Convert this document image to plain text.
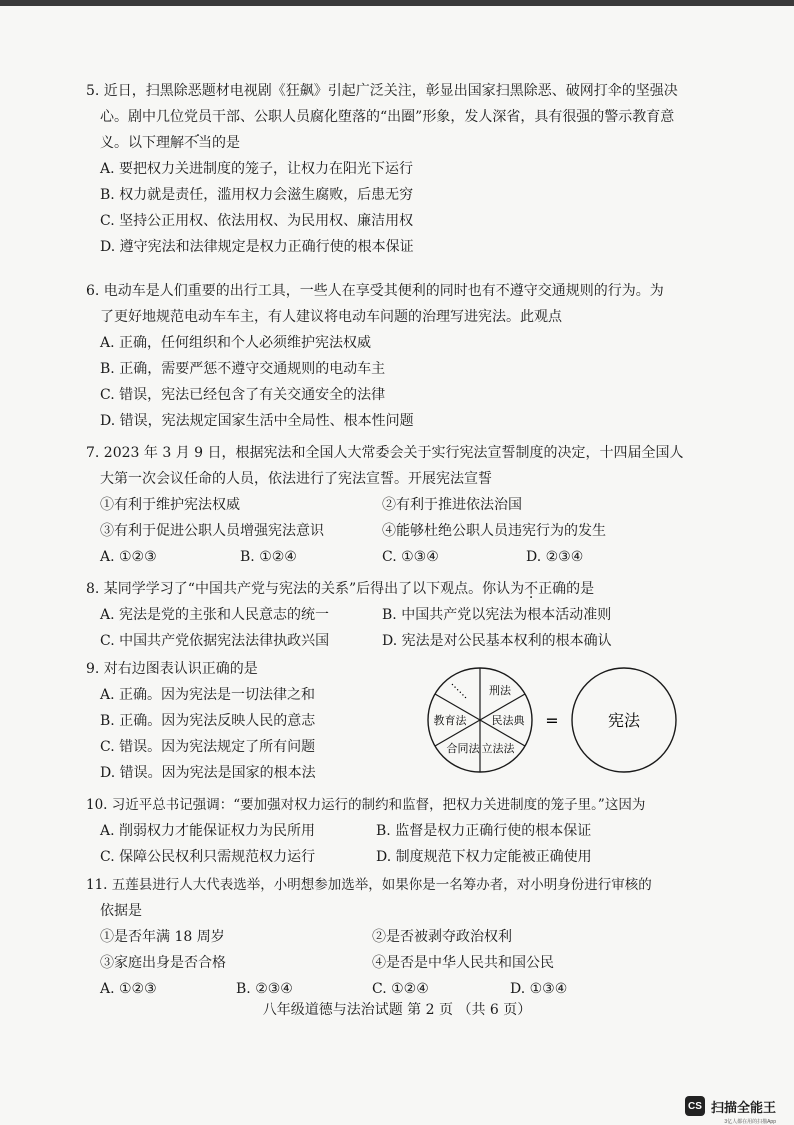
5. 近日，扫黑除恶题材电视剧《狂飙》引起广泛关注，彰显出国家扫黑除恶、破网打伞的坚强决
心。剧中几位党员干部、公职人员腐化堕落的“出圈”形象，发人深省，具有很强的警示教育意
义。以下理解不当的是
A. 要把权力关进制度的笼子，让权力在阳光下运行
B. 权力就是责任，滥用权力会滋生腐败，后患无穷
C. 坚持公正用权、依法用权、为民用权、廉洁用权
D. 遵守宪法和法律规定是权力正确行使的根本保证
6. 电动车是人们重要的出行工具，一些人在享受其便利的同时也有不遵守交通规则的行为。为
了更好地规范电动车车主，有人建议将电动车问题的治理写进宪法。此观点
A. 正确，任何组织和个人必须维护宪法权威
B. 正确，需要严惩不遵守交通规则的电动车主
C. 错误，宪法已经包含了有关交通安全的法律
D. 错误，宪法规定国家生活中全局性、根本性问题
7. 2023 年 3 月 9 日，根据宪法和全国人大常委会关于实行宪法宣誓制度的决定，十四届全国人
大第一次会议任命的人员，依法进行了宪法宣誓。开展宪法宣誓
①有利于维护宪法权威	②有利于推进依法治国
③有利于促进公职人员增强宪法意识	④能够杜绝公职人员违宪行为的发生
A. ①②③	B. ①②④	C. ①③④	D. ②③④
8. 某同学学习了“中国共产党与宪法的关系”后得出了以下观点。你认为不正确的是
A. 宪法是党的主张和人民意志的统一	B. 中国共产党以宪法为根本活动准则
C. 中国共产党依据宪法法律执政兴国	D. 宪法是对公民基本权利的根本确认
9. 对右边图表认识正确的是
A. 正确。因为宪法是一切法律之和
B. 正确。因为宪法反映人民的意志
C. 错误。因为宪法规定了所有问题
D. 错误。因为宪法是国家的根本法
刑法
民法典
立法法
合同法
教育法
……
=	宪法
10. 习近平总书记强调：“要加强对权力运行的制约和监督，把权力关进制度的笼子里。”这因为
A. 削弱权力才能保证权力为民所用	B. 监督是权力正确行使的根本保证
C. 保障公民权利只需规范权力运行	D. 制度规范下权力定能被正确使用
11. 五莲县进行人大代表选举，小明想参加选举，如果你是一名筹办者，对小明身份进行审核的
依据是
①是否年满 18 周岁	②是否被剥夺政治权利
③家庭出身是否合格	④是否是中华人民共和国公民
A. ①②③	B. ②③④	C. ①②④	D. ①③④
八年级道德与法治试题 第 2 页 （共 6 页）
CS 扫描全能王
3亿人都在用的扫描App
